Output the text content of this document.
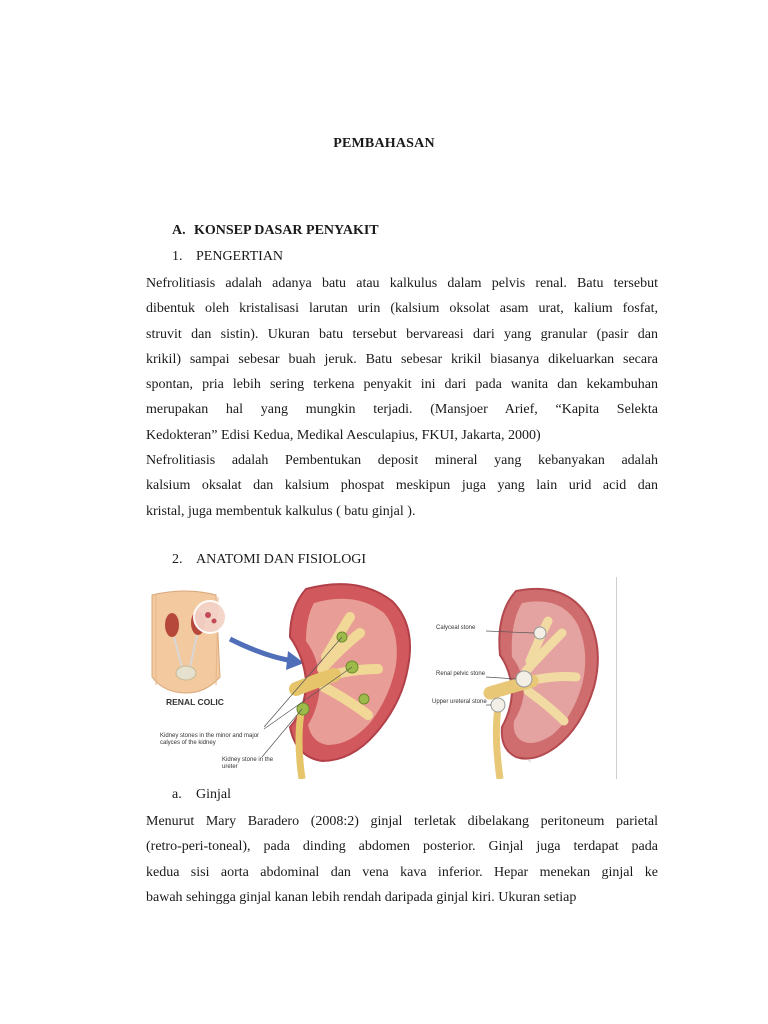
PEMBAHASAN
A. KONSEP DASAR PENYAKIT
1. PENGERTIAN
Nefrolitiasis adalah adanya batu atau kalkulus dalam pelvis renal. Batu tersebut
dibentuk oleh kristalisasi larutan urin (kalsium oksolat asam urat, kalium fosfat,
struvit dan sistin). Ukuran batu tersebut bervareasi dari yang granular (pasir dan
krikil) sampai sebesar buah jeruk. Batu sebesar krikil biasanya dikeluarkan secara
spontan, pria lebih sering terkena penyakit ini dari pada wanita dan kekambuhan
merupakan hal yang mungkin terjadi. (Mansjoer Arief, “Kapita Selekta
Kedokteran” Edisi Kedua, Medikal Aesculapius, FKUI, Jakarta, 2000)
Nefrolitiasis adalah Pembentukan deposit mineral yang kebanyakan adalah
kalsium oksalat dan kalsium phospat meskipun juga yang lain urid acid dan
kristal, juga membentuk kalkulus ( batu ginjal ).
2. ANATOMI DAN FISIOLOGI
RENAL COLIC
Kidney stones in the minor and major calyces of the kidney
Kidney stone in the ureter
~
Calyceal stone
Renal pelvic stone
Upper ureteral stone
a. Ginjal
Menurut Mary Baradero (2008:2) ginjal terletak dibelakang peritoneum parietal
(retro-peri-toneal), pada dinding abdomen posterior. Ginjal juga terdapat pada
kedua sisi aorta abdominal dan vena kava inferior. Hepar menekan ginjal ke
bawah sehingga ginjal kanan lebih rendah daripada ginjal kiri. Ukuran setiap
